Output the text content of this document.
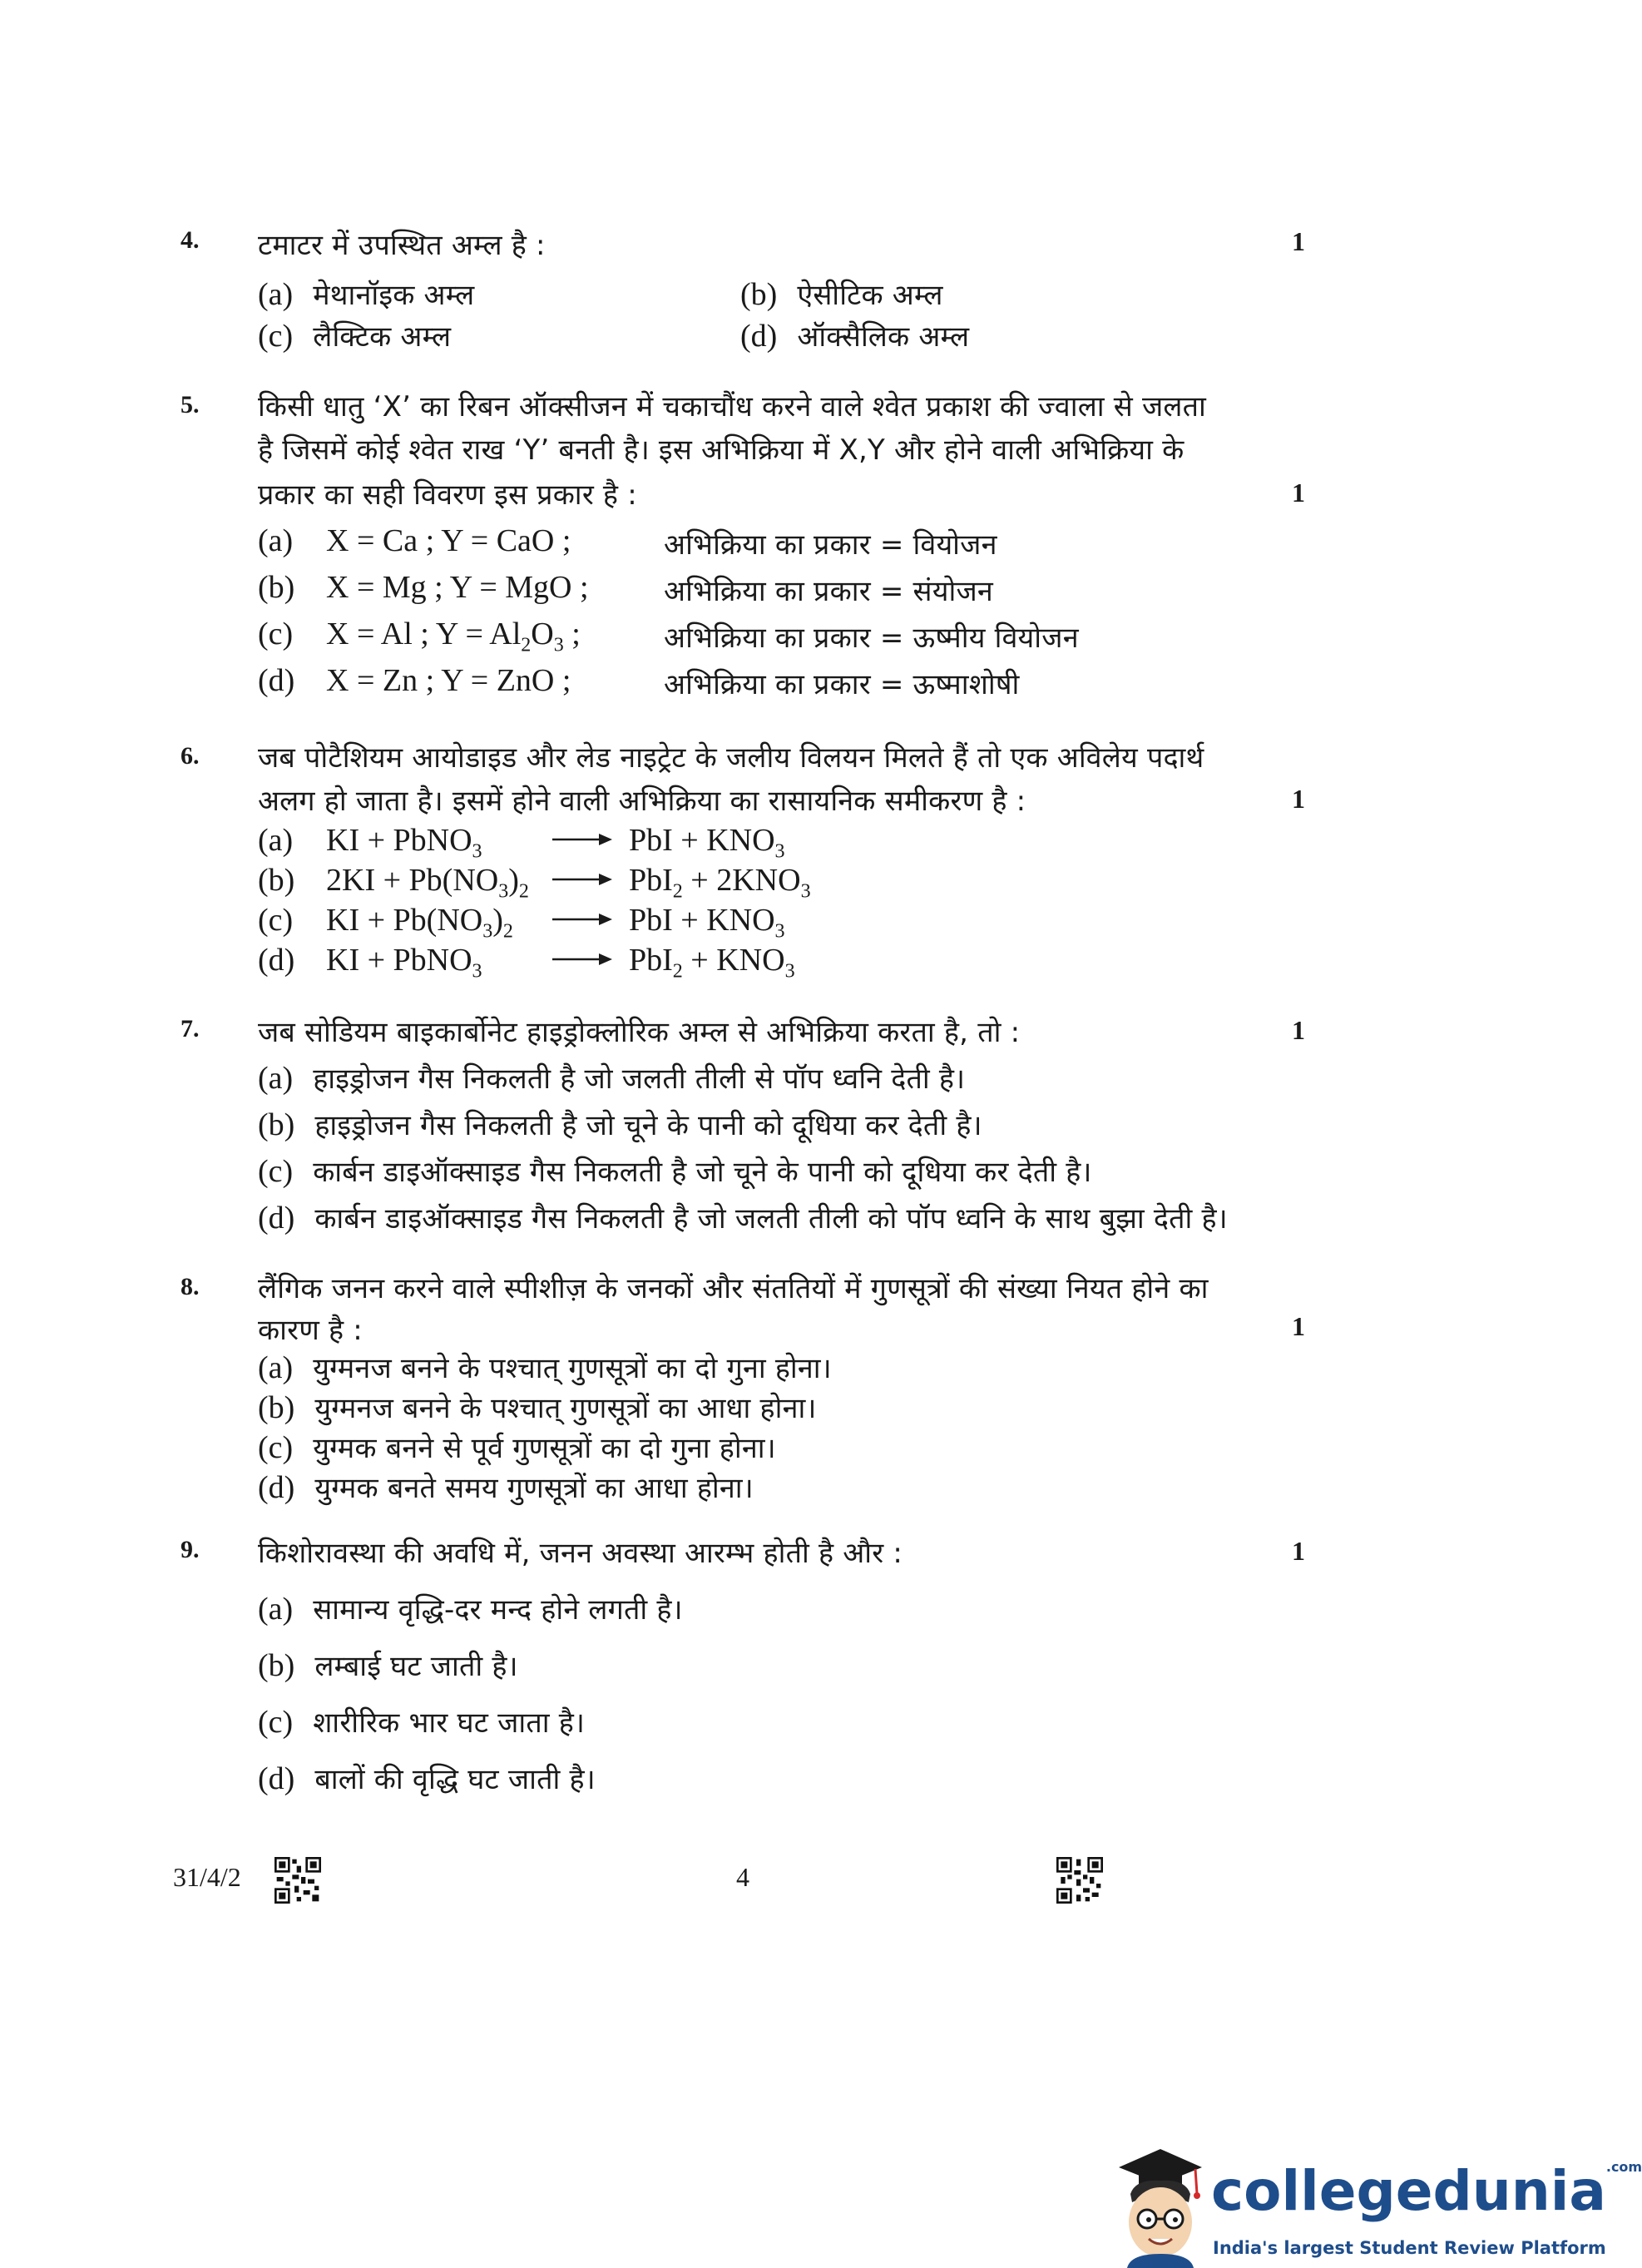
4. टमाटर में उपस्थित अम्ल है :	1
(a) मेथानॉइक अम्ल	(b) ऐसीटिक अम्ल
(c) लैक्टिक अम्ल	(d) ऑक्सैलिक अम्ल
5. किसी धातु ‘X’ का रिबन ऑक्सीजन में चकाचौंध करने वाले श्वेत प्रकाश की ज्वाला से जलता
है जिसमें कोई श्वेत राख ‘Y’ बनती है। इस अभिक्रिया में X,Y और होने वाली अभिक्रिया के
प्रकार का सही विवरण इस प्रकार है :	1
(a) X = Ca ; Y = CaO ;	अभिक्रिया का प्रकार = वियोजन
(b) X = Mg ; Y = MgO ;	अभिक्रिया का प्रकार = संयोजन
(c) X = Al ; $Y = Al_2O_3$ ;	अभिक्रिया का प्रकार = ऊष्मीय वियोजन
(d) X = Zn ; Y = ZnO ;	अभिक्रिया का प्रकार = ऊष्माशोषी
6. जब पोटैशियम आयोडाइड और लेड नाइट्रेट के जलीय विलयन मिलते हैं तो एक अविलेय पदार्थ
अलग हो जाता है। इसमें होने वाली अभिक्रिया का रासायनिक समीकरण है :	1
(a) KI + PbNO$_3$	PbI + $KNO_3$
(b) $2KI + Pb(NO_3)_2$	$PbI_2 + 2KNO_3$
(c) KI + $Pb(NO_3)_2$	PbI + $KNO_3$
(d) KI + PbNO$_3$	$PbI_2 + KNO_3$
7. जब सोडियम बाइकार्बोनेट हाइड्रोक्लोरिक अम्ल से अभिक्रिया करता है, तो :	1
(a) हाइड्रोजन गैस निकलती है जो जलती तीली से पॉप ध्वनि देती है।
(b) हाइड्रोजन गैस निकलती है जो चूने के पानी को दूधिया कर देती है।
(c) कार्बन डाइऑक्साइड गैस निकलती है जो चूने के पानी को दूधिया कर देती है।
(d) कार्बन डाइऑक्साइड गैस निकलती है जो जलती तीली को पॉप ध्वनि के साथ बुझा देती है।
8. लैंगिक जनन करने वाले स्पीशीज़ के जनकों और संततियों में गुणसूत्रों की संख्या नियत होने का
कारण है :	1
(a) युग्मनज बनने के पश्चात् गुणसूत्रों का दो गुना होना।
(b) युग्मनज बनने के पश्चात् गुणसूत्रों का आधा होना।
(c) युग्मक बनने से पूर्व गुणसूत्रों का दो गुना होना।
(d) युग्मक बनते समय गुणसूत्रों का आधा होना।
9. किशोरावस्था की अवधि में, जनन अवस्था आरम्भ होती है और :	1
(a) सामान्य वृद्धि-दर मन्द होने लगती है।
(b) लम्बाई घट जाती है।
(c) शारीरिक भार घट जाता है।
(d) बालों की वृद्धि घट जाती है।
31/4/2	4
collegedunia$^{.com}$
India's largest Student Review Platform
